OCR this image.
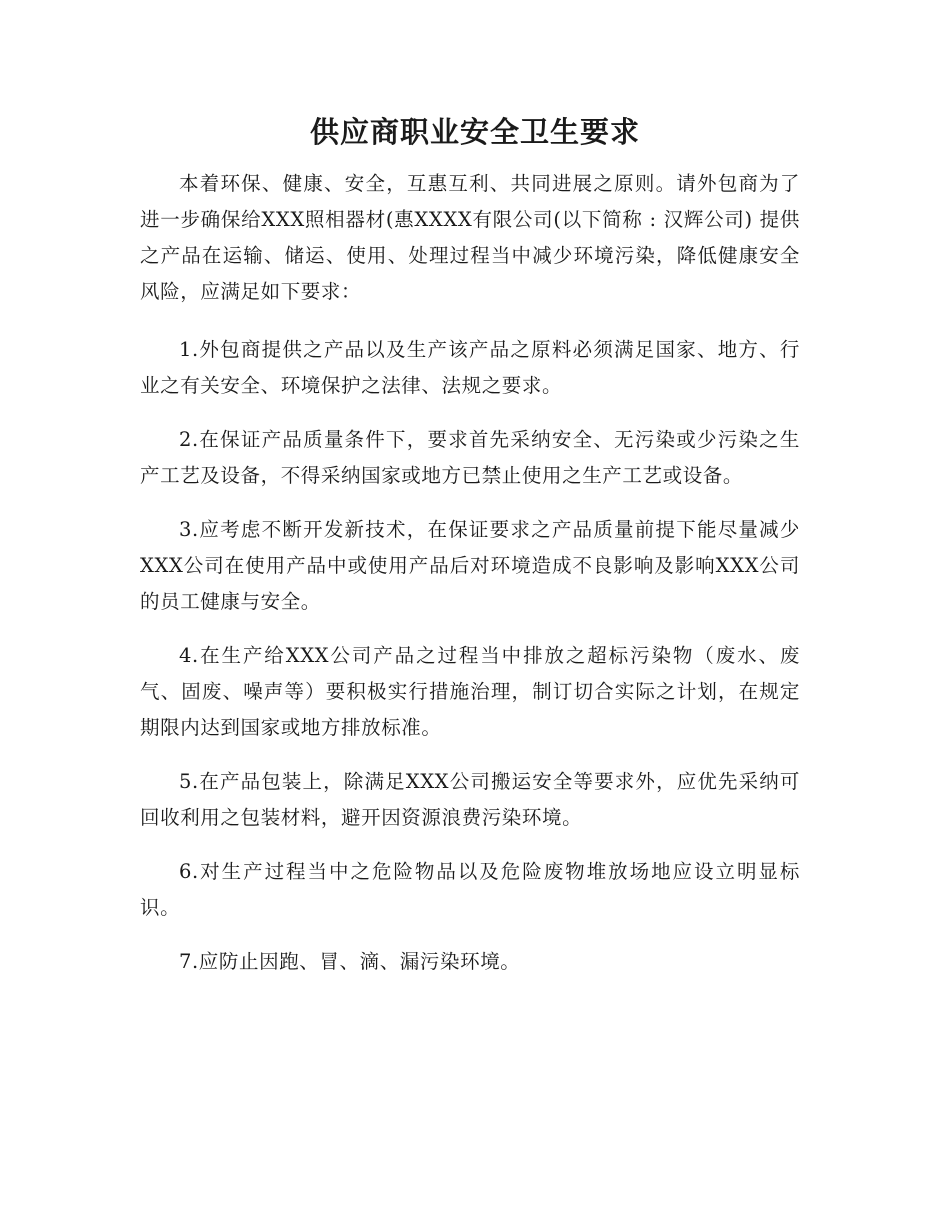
供应商职业安全卫生要求

本着环保、健康、安全，互惠互利、共同进展之原则。请外包商为了进一步确保给XXX照相器材(惠XXXX有限公司(以下简称 : 汉辉公司) 提供之产品在运输、储运、使用、处理过程当中减少环境污染，降低健康安全风险，应满足如下要求：

1.外包商提供之产品以及生产该产品之原料必须满足国家、地方、行业之有关安全、环境保护之法律、法规之要求。

2.在保证产品质量条件下，要求首先采纳安全、无污染或少污染之生产工艺及设备，不得采纳国家或地方已禁止使用之生产工艺或设备。

3.应考虑不断开发新技术，在保证要求之产品质量前提下能尽量减少XXX公司在使用产品中或使用产品后对环境造成不良影响及影响XXX公司的员工健康与安全。

4.在生产给XXX公司产品之过程当中排放之超标污染物（废水、废气、固废、噪声等）要积极实行措施治理，制订切合实际之计划，在规定期限内达到国家或地方排放标准。

5.在产品包装上，除满足XXX公司搬运安全等要求外，应优先采纳可回收利用之包装材料，避开因资源浪费污染环境。

6.对生产过程当中之危险物品以及危险废物堆放场地应设立明显标识。

7.应防止因跑、冒、滴、漏污染环境。
